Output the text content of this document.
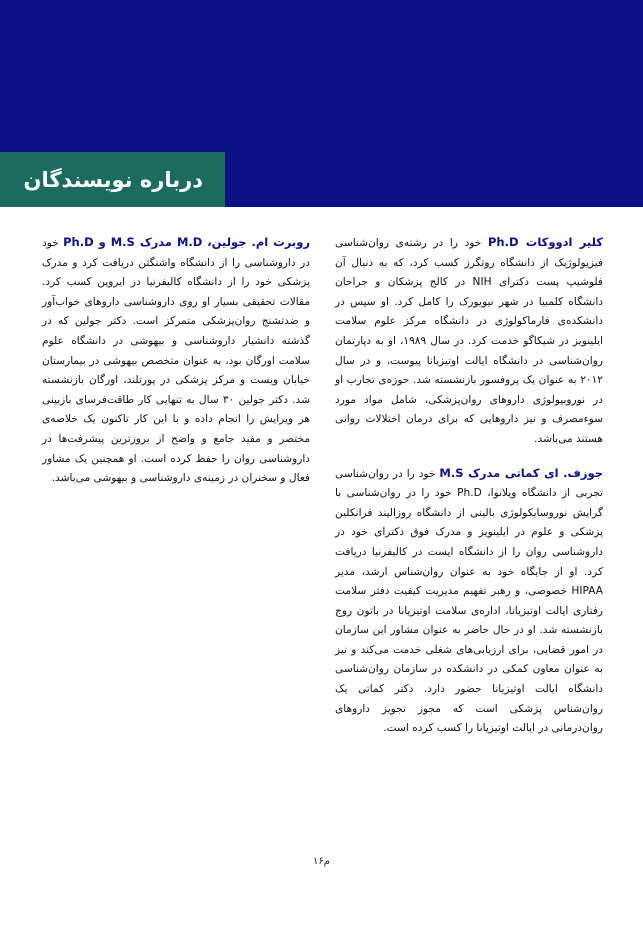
درباره نویسندگان

کلیر ادووکات Ph.D خود را در رشته‌ی روان‌شناسی فیزیولوژیک از دانشگاه روتگرز کسب کرد، که به دنبال آن فلوشیپ پست دکترای NIH در کالج پزشکان و جراحان دانشگاه کلمبیا در شهر نیویورک را کامل کرد. او سپس در دانشکده‌ی فارماکولوژی در دانشگاه مرکز علوم سلامت ایلینویز در شیکاگو خدمت کرد. در سال ۱۹۸۹، او به دپارتمان روان‌شناسی در دانشگاه ایالت اوتیزیانا پیوست، و در سال ۲۰۱۲ به عنوان یک پروفسور بازنشسته شد. حوزه‌ی تجارب او در نوروبیولوژی داروهای روان‌پزشکی، شامل مواد مورد سوءمصرف و نیز داروهایی که برای درمان اختلالات روانی هستند می‌باشد.

جوزف. ای کماتی مدرک M.S خود را در روان‌شناسی تجربی از دانشگاه ویلانوا، Ph.D خود را در روان‌شناسی با گرایش نوروسایکولوژی بالینی از دانشگاه روزالیند فرانکلین پزشکی و علوم در ایلینویز و مدرک فوق دکترای خود در داروشناسی روان را از دانشگاه ایست در کالیفرنیا دریافت کرد. او از جایگاه خود به عنوان روان‌شناس ارشد، مدیر HIPAA خصوصی، و رهبر تفهیم مدیریت کیفیت دفتر سلامت رفتاری ایالت اوتیزیانا، اداره‌ی سلامت اوتیزیانا در باتون روج بازنشسته شد. او در حال حاضر به عنوان مشاور این سازمان در امور قضایی، برای ارزیابی‌های شغلی خدمت می‌کند و نیز به عنوان معاون کمکی در دانشکده در سازمان روان‌شناسی دانشگاه ایالت اوتیزیانا حضور دارد. دکتر کماتی یک روان‌شناس پزشکی است که مجوز تجویز داروهای روان‌درمانی در ایالت اوتیزیانا را کسب کرده است.

روبرت ام. جولین، M.D مدرک M.S و Ph.D خود در داروشناسی را از دانشگاه واشنگتن دریافت کرد و مدرک پزشکی خود را از دانشگاه کالیفرنیا در ایروین کسب کرد. مقالات تحقیقی بسیار او روی داروشناسی داروهای خواب‌آور و ضدتشنج روان‌پزشکی متمرکز است. دکتر جولین که در گذشته دانشیار داروشناسی و بیهوشی در دانشگاه علوم سلامت اورگان بود، به عنوان متخصص بیهوشی در بیمارستان خیابان ویست و مرکز پزشکی در پورتلند، اورگان بازنشسته شد. دکتر جولین ۳۰ سال به تنهایی کار طاقت‌فرسای بازبینی هر ویرایش را انجام داده و با این کار تاکنون یک خلاصه‌ی مختصر و مفید جامع و واضح از بروزترین پیشرفت‌ها در داروشناسی روان را حفظ کرده است. او همچنین یک مشاور فعال و سخنران در زمینه‌ی داروشناسی و بیهوشی می‌باشد.

م۱۶
